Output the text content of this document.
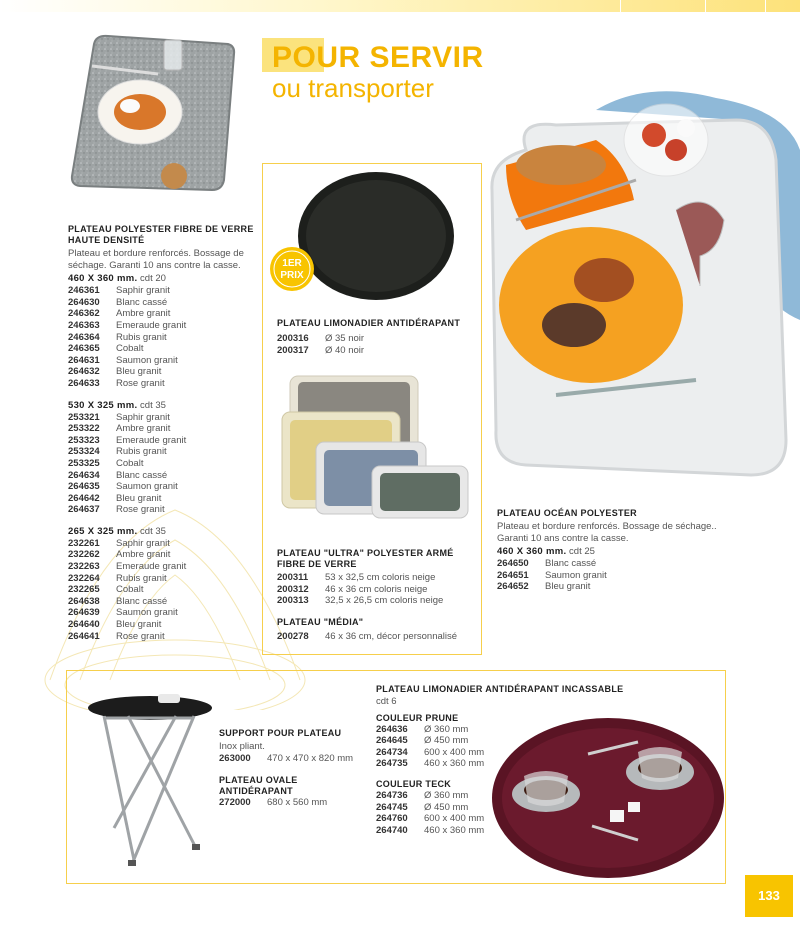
POUR SERVIR
ou transporter
PLATEAU POLYESTER FIBRE DE VERRE HAUTE DENSITÉ
Plateau et bordure renforcés. Bossage de séchage. Garanti 10 ans contre la casse.
460 X 360 mm. cdt 20
246361	Saphir granit
264630	Blanc cassé
246362	Ambre granit
246363	Emeraude granit
246364	Rubis granit
246365	Cobalt
264631	Saumon granit
264632	Bleu granit
264633	Rose granit
530 X 325 mm. cdt 35
253321	Saphir granit
253322	Ambre granit
253323	Emeraude granit
253324	Rubis granit
253325	Cobalt
264634	Blanc cassé
264635	Saumon granit
264642	Bleu granit
264637	Rose granit
265 X 325 mm. cdt 35
232261	Saphir granit
232262	Ambre granit
232263	Emeraude granit
232264	Rubis granit
232265	Cobalt
264638	Blanc cassé
264639	Saumon granit
264640	Bleu granit
264641	Rose granit
1ER
PRIX
PLATEAU LIMONADIER ANTIDÉRAPANT
200316	Ø 35 noir
200317	Ø 40 noir
PLATEAU "ULTRA" POLYESTER ARMÉ FIBRE DE VERRE
200311	53 x 32,5 cm coloris neige
200312	46 x 36 cm coloris neige
200313	32,5 x 26,5 cm coloris neige
PLATEAU "MÉDIA"
200278	46 x 36 cm, décor personnalisé
PLATEAU OCÉAN POLYESTER
Plateau et bordure renforcés. Bossage de séchage.. Garanti 10 ans contre la casse.
460 X 360 mm. cdt 25
264650	Blanc cassé
264651	Saumon granit
264652	Bleu granit
SUPPORT POUR PLATEAU
Inox pliant.
263000	470 x 470 x 820 mm
PLATEAU OVALE ANTIDÉRAPANT
272000	680 x 560 mm
PLATEAU LIMONADIER ANTIDÉRAPANT INCASSABLE
cdt 6
COULEUR PRUNE
264636	Ø 360 mm
264645	Ø 450 mm
264734	600 x 400 mm
264735	460 x 360 mm
COULEUR TECK
264736	Ø 360 mm
264745	Ø 450 mm
264760	600 x 400 mm
264740	460 x 360 mm
133
